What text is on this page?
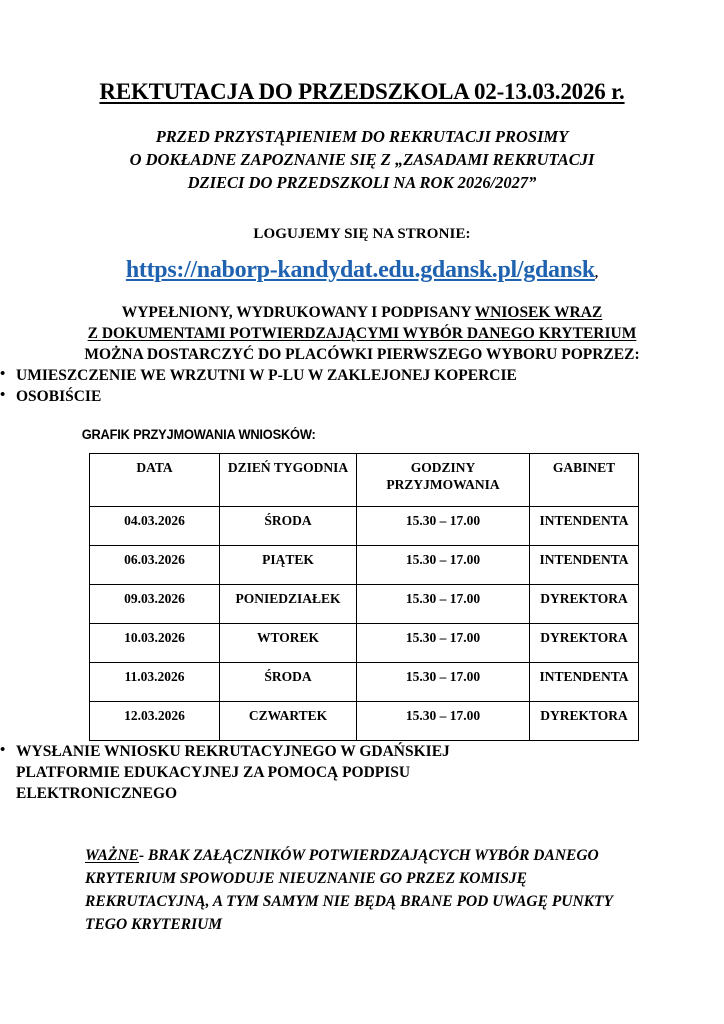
REKTUTACJA DO PRZEDSZKOLA 02-13.03.2026 r.

PRZED PRZYSTĄPIENIEM DO REKRUTACJI PROSIMY
O DOKŁADNE ZAPOZNANIE SIĘ Z „ZASADAMI REKRUTACJI
DZIECI DO PRZEDSZKOLI NA ROK 2026/2027”

LOGUJEMY SIĘ NA STRONIE:

https://naborp-kandydat.edu.gdansk.pl/gdansk,

WYPEŁNIONY, WYDRUKOWANY I PODPISANY WNIOSEK WRAZ
Z DOKUMENTAMI POTWIERDZAJĄCYMI WYBÓR DANEGO KRYTERIUM
MOŻNA DOSTARCZYĆ DO PLACÓWKI PIERWSZEGO WYBORU POPRZEZ:

• UMIESZCZENIE WE WRZUTNI W P-LU W ZAKLEJONEJ KOPERCIE
• OSOBIŚCIE

GRAFIK PRZYJMOWANIA WNIOSKÓW:

DATA	DZIEŃ TYGODNIA	GODZINY PRZYJMOWANIA	GABINET
04.03.2026	ŚRODA	15.30 – 17.00	INTENDENTA
06.03.2026	PIĄTEK	15.30 – 17.00	INTENDENTA
09.03.2026	PONIEDZIAŁEK	15.30 – 17.00	DYREKTORA
10.03.2026	WTOREK	15.30 – 17.00	DYREKTORA
11.03.2026	ŚRODA	15.30 – 17.00	INTENDENTA
12.03.2026	CZWARTEK	15.30 – 17.00	DYREKTORA
• WYSŁANIE WNIOSKU REKRUTACYJNEGO W GDAŃSKIEJ PLATFORMIE EDUKACYJNEJ ZA POMOCĄ PODPISU ELEKTRONICZNEGO

WAŻNE- BRAK ZAŁĄCZNIKÓW POTWIERDZAJĄCYCH WYBÓR DANEGO
KRYTERIUM SPOWODUJE NIEUZNANIE GO PRZEZ KOMISJĘ
REKRUTACYJNĄ, A TYM SAMYM NIE BĘDĄ BRANE POD UWAGĘ PUNKTY
TEGO KRYTERIUM
